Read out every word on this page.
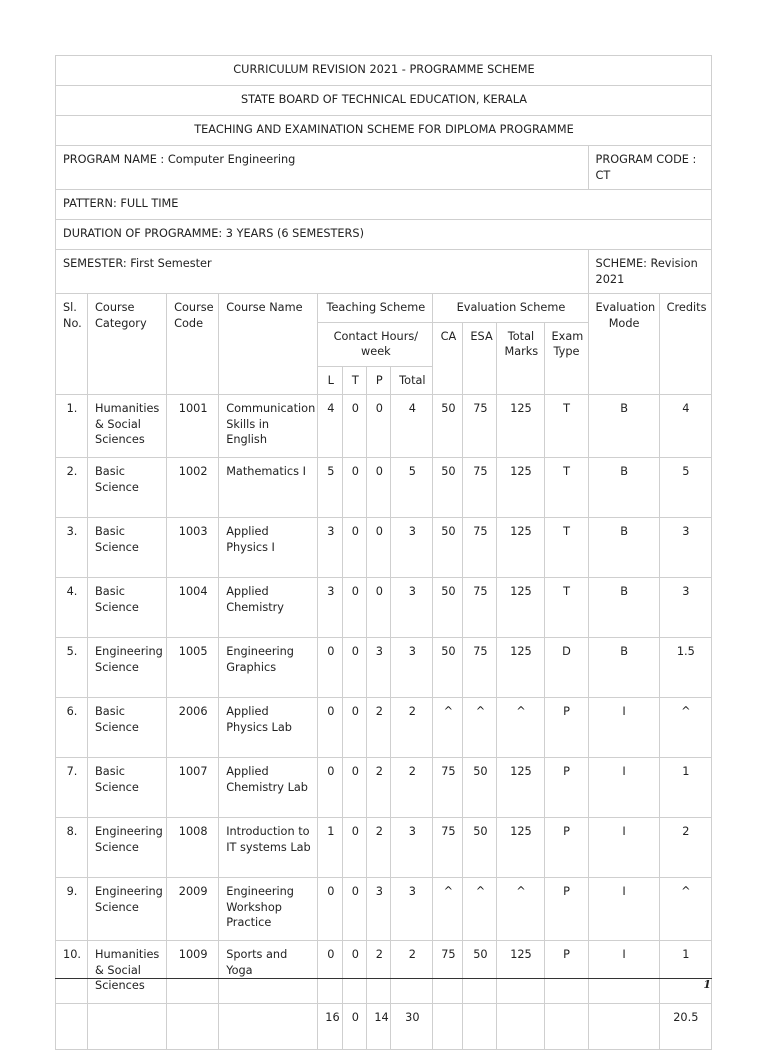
CURRICULUM REVISION 2021 - PROGRAMME SCHEME													
STATE BOARD OF TECHNICAL EDUCATION, KERALA													
TEACHING AND EXAMINATION SCHEME FOR DIPLOMA PROGRAMME													
PROGRAM NAME : Computer Engineering												PROGRAM CODE : CT	
PATTERN: FULL TIME													
DURATION OF PROGRAMME: 3 YEARS (6 SEMESTERS)													
SEMESTER: First Semester												SCHEME: Revision 2021	
Sl. No.	Course Category	Course Code	Course Name	Teaching Scheme				Evaluation Scheme				Evaluation Mode	Credits
				Contact Hours/ week				CA	ESA	Total Marks	Exam Type		
				L	T	P	Total						
1.	Humanities & Social Sciences	1001	Communication Skills in English	4	0	0	4	50	75	125	T	B	4
2.	Basic Science	1002	Mathematics I	5	0	0	5	50	75	125	T	B	5
3.	Basic Science	1003	Applied Physics I	3	0	0	3	50	75	125	T	B	3
4.	Basic Science	1004	Applied Chemistry	3	0	0	3	50	75	125	T	B	3
5.	Engineering Science	1005	Engineering Graphics	0	0	3	3	50	75	125	D	B	1.5
6.	Basic Science	2006	Applied Physics Lab	0	0	2	2	^	^	^	P	I	^
7.	Basic Science	1007	Applied Chemistry Lab	0	0	2	2	75	50	125	P	I	1
8.	Engineering Science	1008	Introduction to IT systems Lab	1	0	2	3	75	50	125	P	I	2
9.	Engineering Science	2009	Engineering Workshop Practice	0	0	3	3	^	^	^	P	I	^
10.	Humanities & Social Sciences	1009	Sports and Yoga	0	0	2	2	75	50	125	P	I	1
				16	0	14	30						20.5
1
